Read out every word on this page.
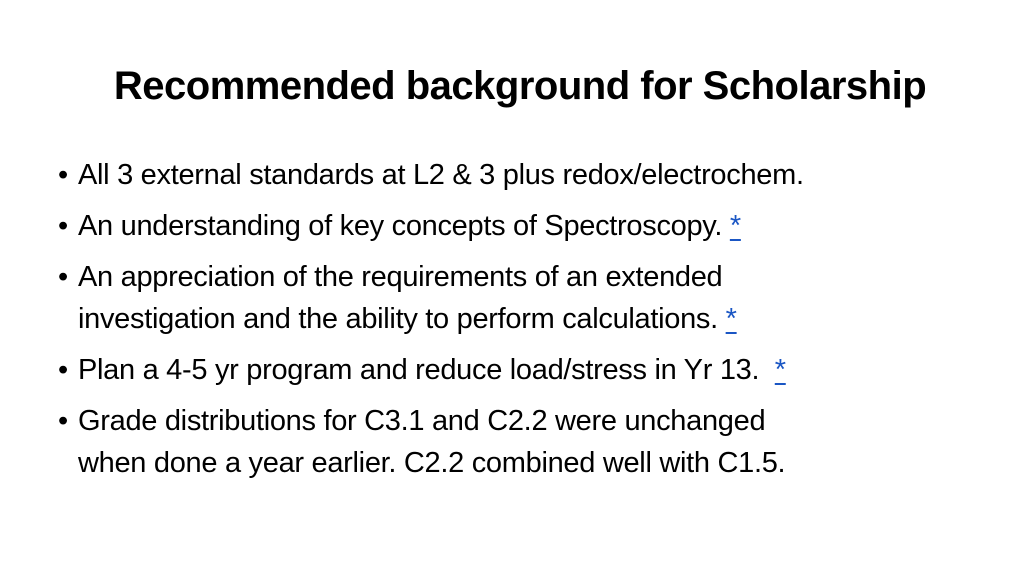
Recommended background for Scholarship
• All 3 external standards at L2 & 3 plus redox/electrochem.
• An understanding of key concepts of Spectroscopy. *
• An appreciation of the requirements of an extended
investigation and the ability to perform calculations. *
• Plan a 4-5 yr program and reduce load/stress in Yr 13.  *
• Grade distributions for C3.1 and C2.2 were unchanged
when done a year earlier. C2.2 combined well with C1.5.
